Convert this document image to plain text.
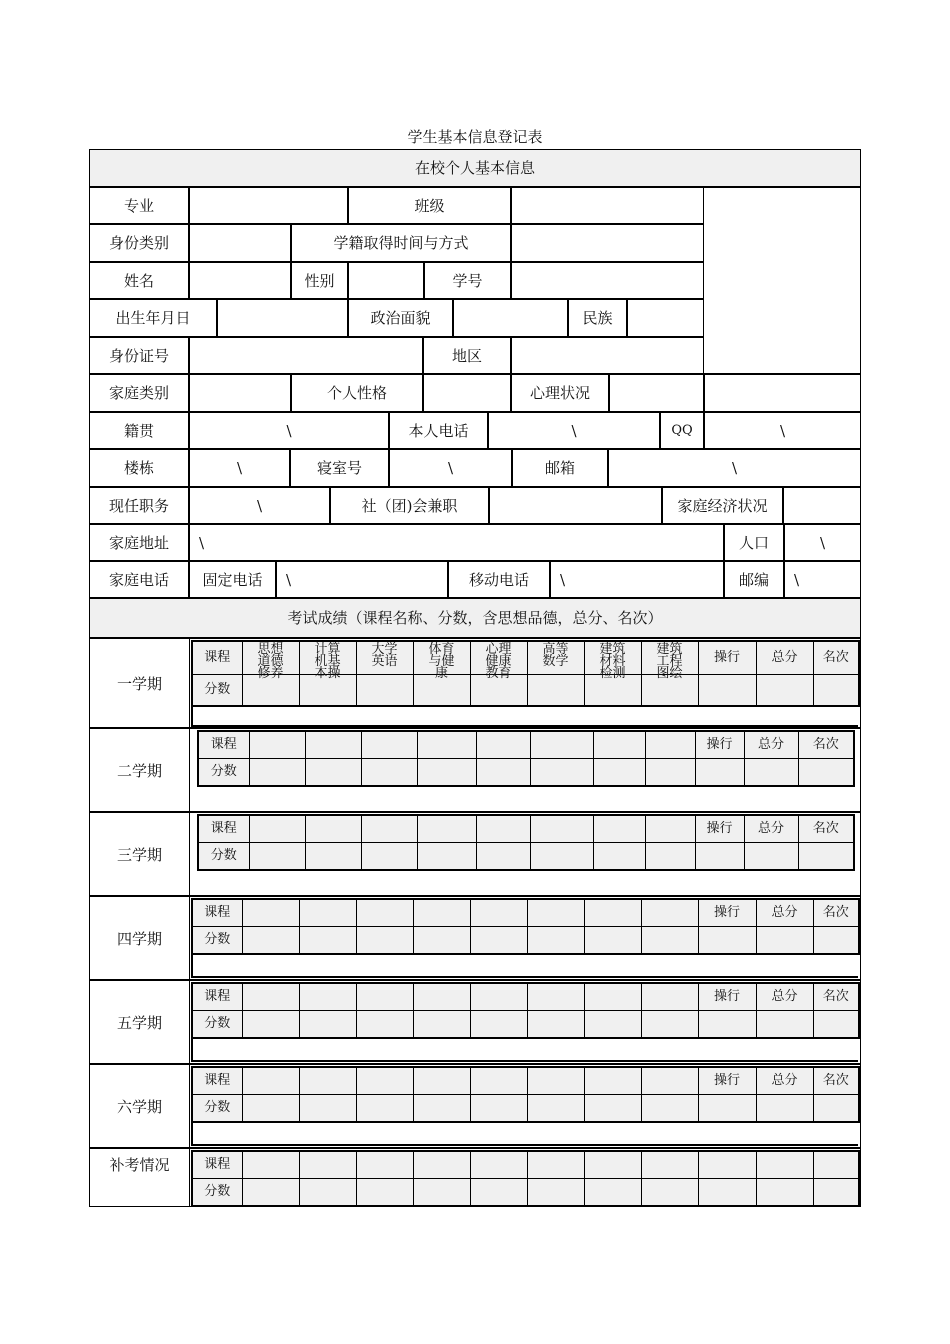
学生基本信息登记表
在校个人基本信息
专业	班级
身份类别	学籍取得时间与方式
姓名	性别	学号
出生年月日	政治面貌	民族
身份证号	地区
家庭类别	个人性格	心理状况
籍贯	\	本人电话	\	QQ	\
楼栋	\	寝室号	\	邮箱	\
现任职务	\	社（团)会兼职	家庭经济状况
家庭地址	\	人口	\
家庭电话	固定电话	\	移动电话	\	邮编	\
考试成绩（课程名称、分数，含思想品德，总分、名次）
一学期
课程	思想道德修养	计算机基本操	大学英语	体育与健康	心理健康教育	高等数学	建筑材料检测	建筑工程图绘	操行	总分	名次
分数											
二学期
课程									操行	总分	名次
分数											
三学期
课程									操行	总分	名次
分数											
四学期
课程									操行	总分	名次
分数											
五学期
课程									操行	总分	名次
分数											
六学期
课程									操行	总分	名次
分数											
补考情况	课程											
分数											
